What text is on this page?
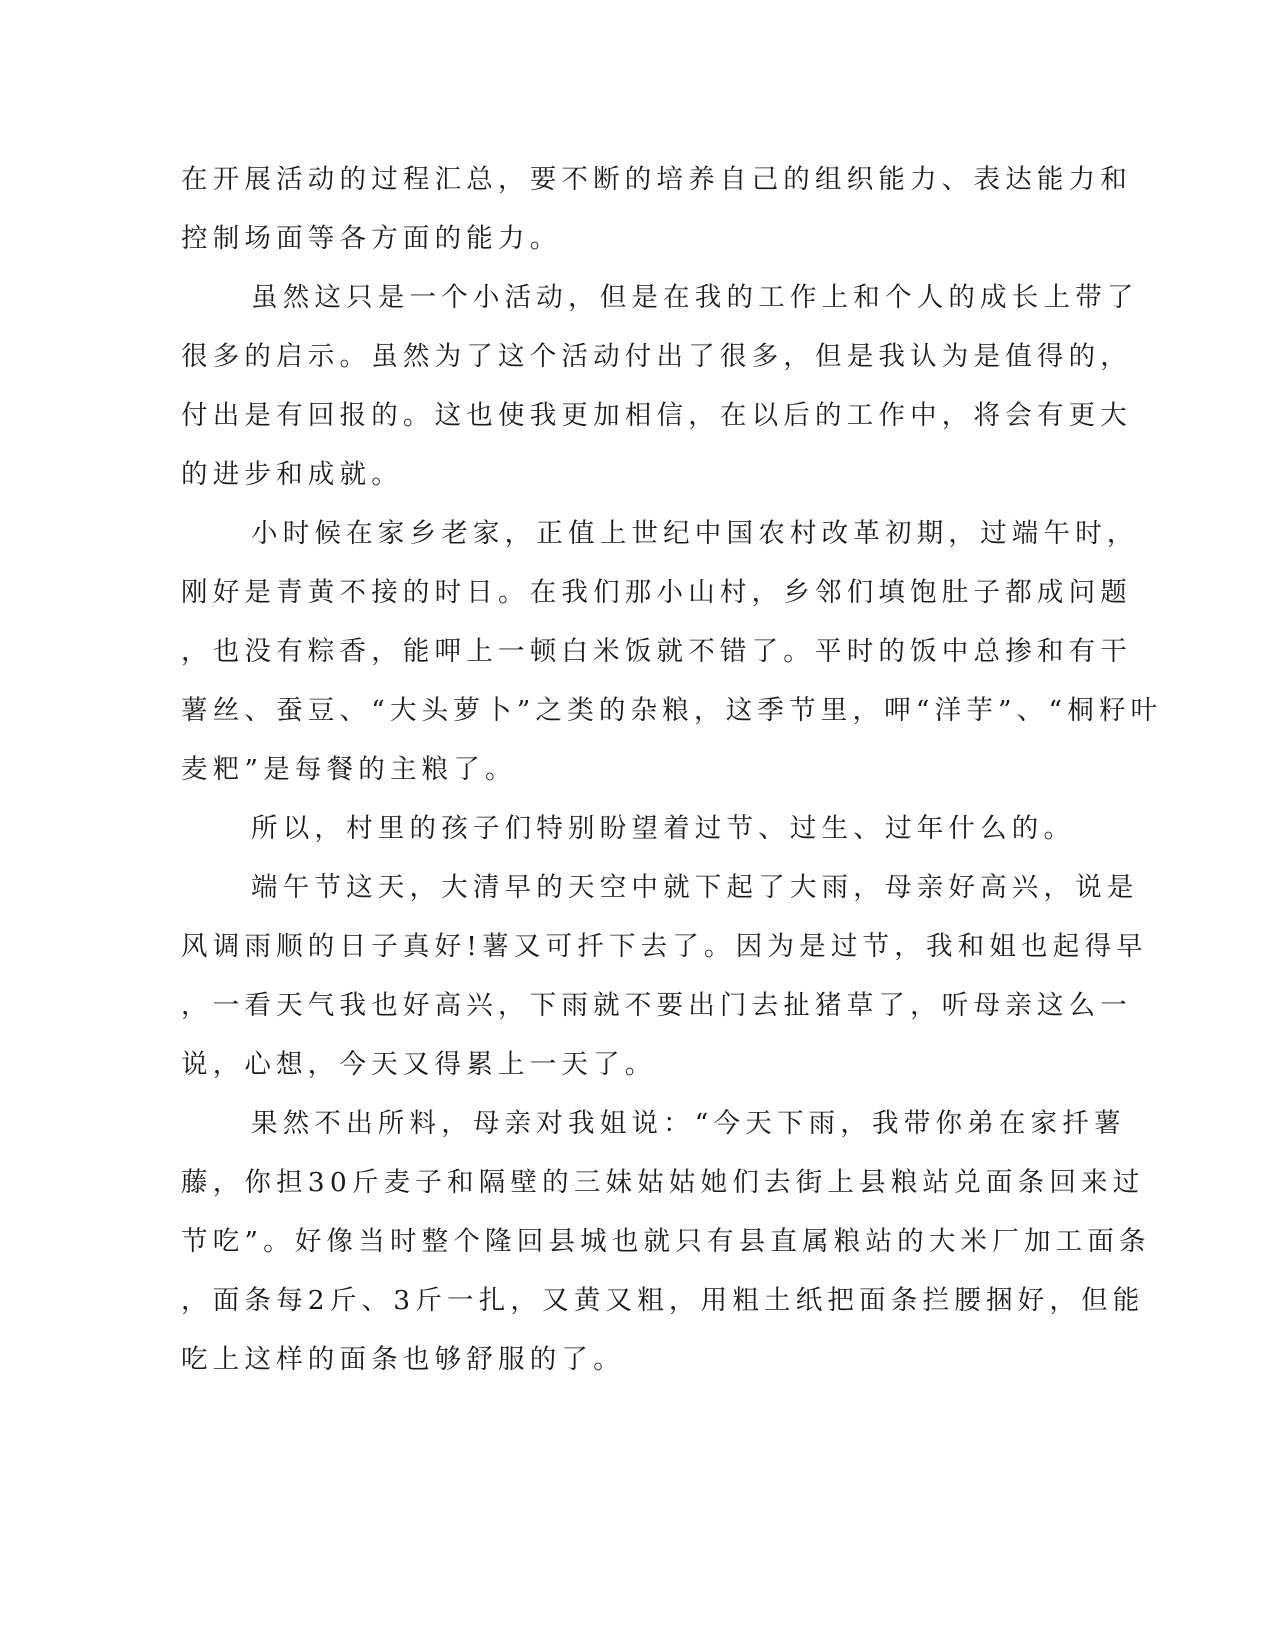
在开展活动的过程汇总，要不断的培养自己的组织能力、表达能力和
控制场面等各方面的能力。
虽然这只是一个小活动，但是在我的工作上和个人的成长上带了
很多的启示。虽然为了这个活动付出了很多，但是我认为是值得的，
付出是有回报的。这也使我更加相信，在以后的工作中，将会有更大
的进步和成就。
小时候在家乡老家，正值上世纪中国农村改革初期，过端午时，
刚好是青黄不接的时日。在我们那小山村，乡邻们填饱肚子都成问题
，也没有粽香，能呷上一顿白米饭就不错了。平时的饭中总掺和有干
薯丝、蚕豆、“大头萝卜”之类的杂粮，这季节里，呷“洋芋”、“桐籽叶
麦粑”是每餐的主粮了。
所以，村里的孩子们特别盼望着过节、过生、过年什么的。
端午节这天，大清早的天空中就下起了大雨，母亲好高兴，说是
风调雨顺的日子真好!薯又可扦下去了。因为是过节，我和姐也起得早
，一看天气我也好高兴，下雨就不要出门去扯猪草了，听母亲这么一
说，心想，今天又得累上一天了。
果然不出所料，母亲对我姐说：“今天下雨，我带你弟在家扦薯
藤，你担30斤麦子和隔壁的三妹姑姑她们去街上县粮站兑面条回来过
节吃”。好像当时整个隆回县城也就只有县直属粮站的大米厂加工面条
，面条每2斤、3斤一扎，又黄又粗，用粗土纸把面条拦腰捆好，但能
吃上这样的面条也够舒服的了。
